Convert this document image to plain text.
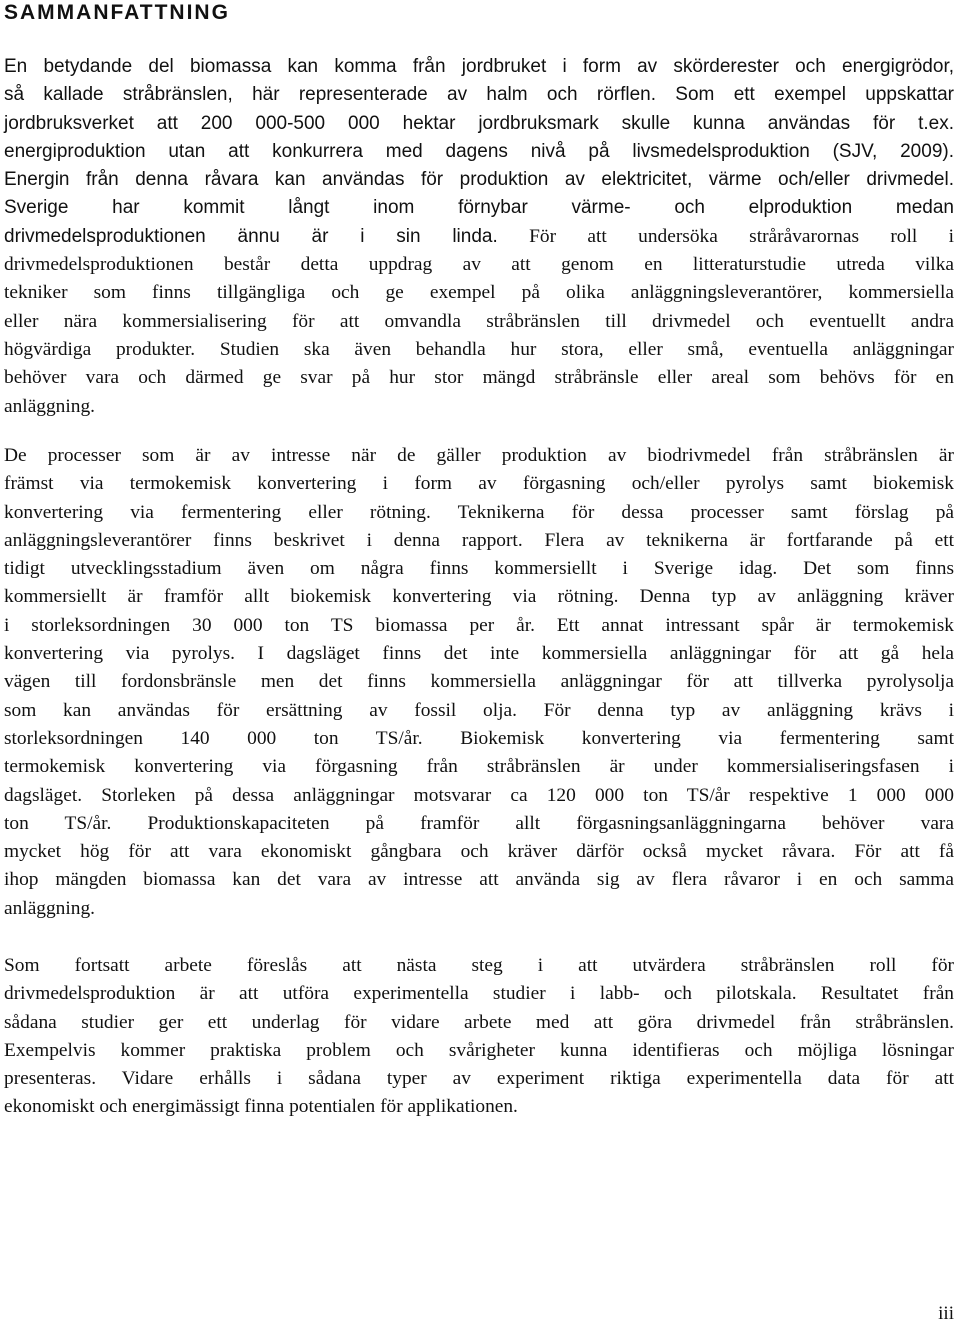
SAMMANFATTNING
En betydande del biomassa kan komma från jordbruket i form av skörderester och energigrödor,
så kallade stråbränslen, här representerade av halm och rörflen. Som ett exempel uppskattar
jordbruksverket att 200 000-500 000 hektar jordbruksmark skulle kunna användas för t.ex.
energiproduktion utan att konkurrera med dagens nivå på livsmedelsproduktion (SJV, 2009).
Energin från denna råvara kan användas för produktion av elektricitet, värme och/eller drivmedel.
Sverige har kommit långt inom förnybar värme- och elproduktion medan
drivmedelsproduktionen ännu är i sin linda. För att undersöka stråråvarornas roll i
drivmedelsproduktionen består detta uppdrag av att genom en litteraturstudie utreda vilka
tekniker som finns tillgängliga och ge exempel på olika anläggningsleverantörer, kommersiella
eller nära kommersialisering för att omvandla stråbränslen till drivmedel och eventuellt andra
högvärdiga produkter. Studien ska även behandla hur stora, eller små, eventuella anläggningar
behöver vara och därmed ge svar på hur stor mängd stråbränsle eller areal som behövs för en
anläggning.
De processer som är av intresse när de gäller produktion av biodrivmedel från stråbränslen är
främst via termokemisk konvertering i form av förgasning och/eller pyrolys samt biokemisk
konvertering via fermentering eller rötning. Teknikerna för dessa processer samt förslag på
anläggningsleverantörer finns beskrivet i denna rapport. Flera av teknikerna är fortfarande på ett
tidigt utvecklingsstadium även om några finns kommersiellt i Sverige idag. Det som finns
kommersiellt är framför allt biokemisk konvertering via rötning. Denna typ av anläggning kräver
i storleksordningen 30 000 ton TS biomassa per år. Ett annat intressant spår är termokemisk
konvertering via pyrolys. I dagsläget finns det inte kommersiella anläggningar för att gå hela
vägen till fordonsbränsle men det finns kommersiella anläggningar för att tillverka pyrolysolja
som kan användas för ersättning av fossil olja. För denna typ av anläggning krävs i
storleksordningen 140 000 ton TS/år. Biokemisk konvertering via fermentering samt
termokemisk konvertering via förgasning från stråbränslen är under kommersialiseringsfasen i
dagsläget. Storleken på dessa anläggningar motsvarar ca 120 000 ton TS/år respektive 1 000 000
ton TS/år. Produktionskapaciteten på framför allt förgasningsanläggningarna behöver vara
mycket hög för att vara ekonomiskt gångbara och kräver därför också mycket råvara. För att få
ihop mängden biomassa kan det vara av intresse att använda sig av flera råvaror i en och samma
anläggning.
Som fortsatt arbete föreslås att nästa steg i att utvärdera stråbränslen roll för
drivmedelsproduktion är att utföra experimentella studier i labb- och pilotskala. Resultatet från
sådana studier ger ett underlag för vidare arbete med att göra drivmedel från stråbränslen.
Exempelvis kommer praktiska problem och svårigheter kunna identifieras och möjliga lösningar
presenteras. Vidare erhålls i sådana typer av experiment riktiga experimentella data för att
ekonomiskt och energimässigt finna potentialen för applikationen.

iii
